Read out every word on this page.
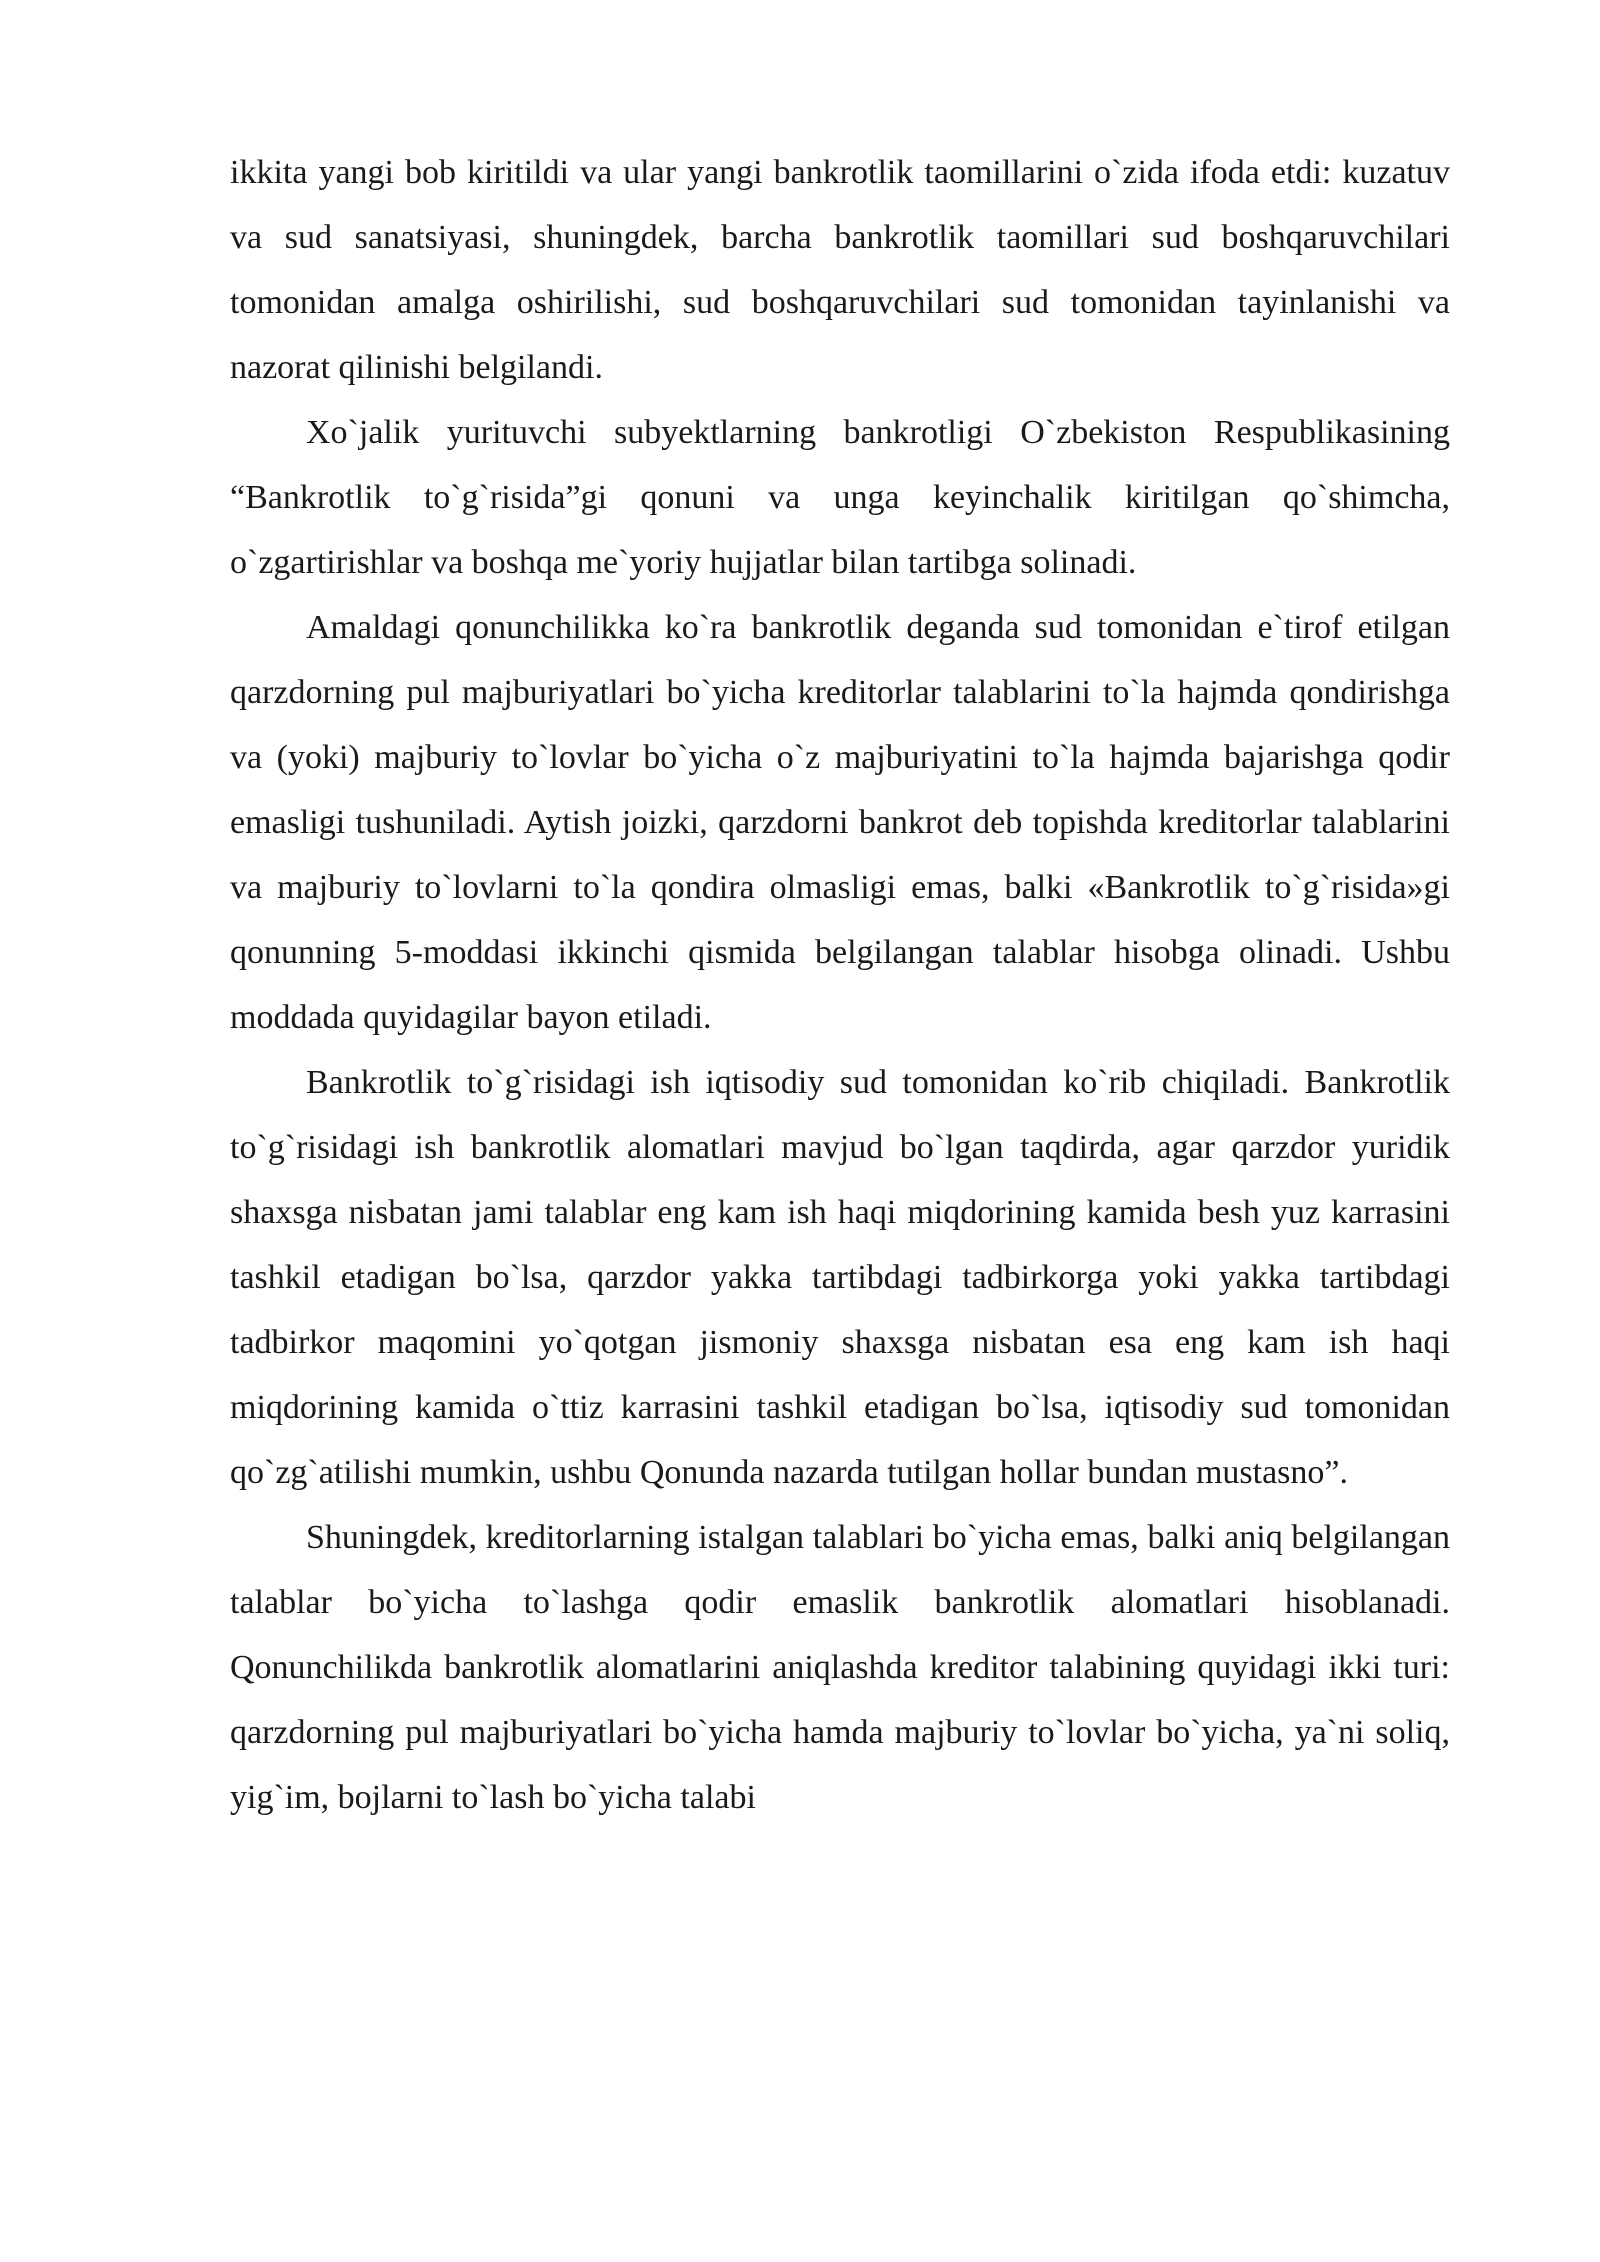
ikkita yangi bob kiritildi va ular yangi bankrotlik taomillarini o`zida ifoda etdi: kuzatuv va sud sanatsiyasi, shuningdek, barcha bankrotlik taomillari sud boshqaruvchilari tomonidan amalga oshirilishi, sud boshqaruvchilari sud tomonidan tayinlanishi va nazorat qilinishi belgilandi.

Xo`jalik yurituvchi subyektlarning bankrotligi O`zbekiston Respublikasining “Bankrotlik to`g`risida”gi qonuni va unga keyinchalik kiritilgan qo`shimcha, o`zgartirishlar va boshqa me`yoriy hujjatlar bilan tartibga solinadi.

Amaldagi qonunchilikka ko`ra bankrotlik deganda sud tomonidan e`tirof etilgan qarzdorning pul majburiyatlari bo`yicha kreditorlar talablarini to`la hajmda qondirishga va (yoki) majburiy to`lovlar bo`yicha o`z majburiyatini to`la hajmda bajarishga qodir emasligi tushuniladi. Aytish joizki, qarzdorni bankrot deb topishda kreditorlar talablarini va majburiy to`lovlarni to`la qondira olmasligi emas, balki «Bankrotlik to`g`risida»gi qonunning 5-moddasi ikkinchi qismida belgilangan talablar hisobga olinadi. Ushbu moddada quyidagilar bayon etiladi.

Bankrotlik to`g`risidagi ish iqtisodiy sud tomonidan ko`rib chiqiladi. Bankrotlik to`g`risidagi ish bankrotlik alomatlari mavjud bo`lgan taqdirda, agar qarzdor yuridik shaxsga nisbatan jami talablar eng kam ish haqi miqdorining kamida besh yuz karrasini tashkil etadigan bo`lsa, qarzdor yakka tartibdagi tadbirkorga yoki yakka tartibdagi tadbirkor maqomini yo`qotgan jismoniy shaxsga nisbatan esa eng kam ish haqi miqdorining kamida o`ttiz karrasini tashkil etadigan bo`lsa, iqtisodiy sud tomonidan qo`zg`atilishi mumkin, ushbu Qonunda nazarda tutilgan hollar bundan mustasno”.

Shuningdek, kreditorlarning istalgan talablari bo`yicha emas, balki aniq belgilangan talablar bo`yicha to`lashga qodir emaslik bankrotlik alomatlari hisoblanadi. Qonunchilikda bankrotlik alomatlarini aniqlashda kreditor talabining quyidagi ikki turi: qarzdorning pul majburiyatlari bo`yicha hamda majburiy to`lovlar bo`yicha, ya`ni soliq, yig`im, bojlarni to`lash bo`yicha talabi
